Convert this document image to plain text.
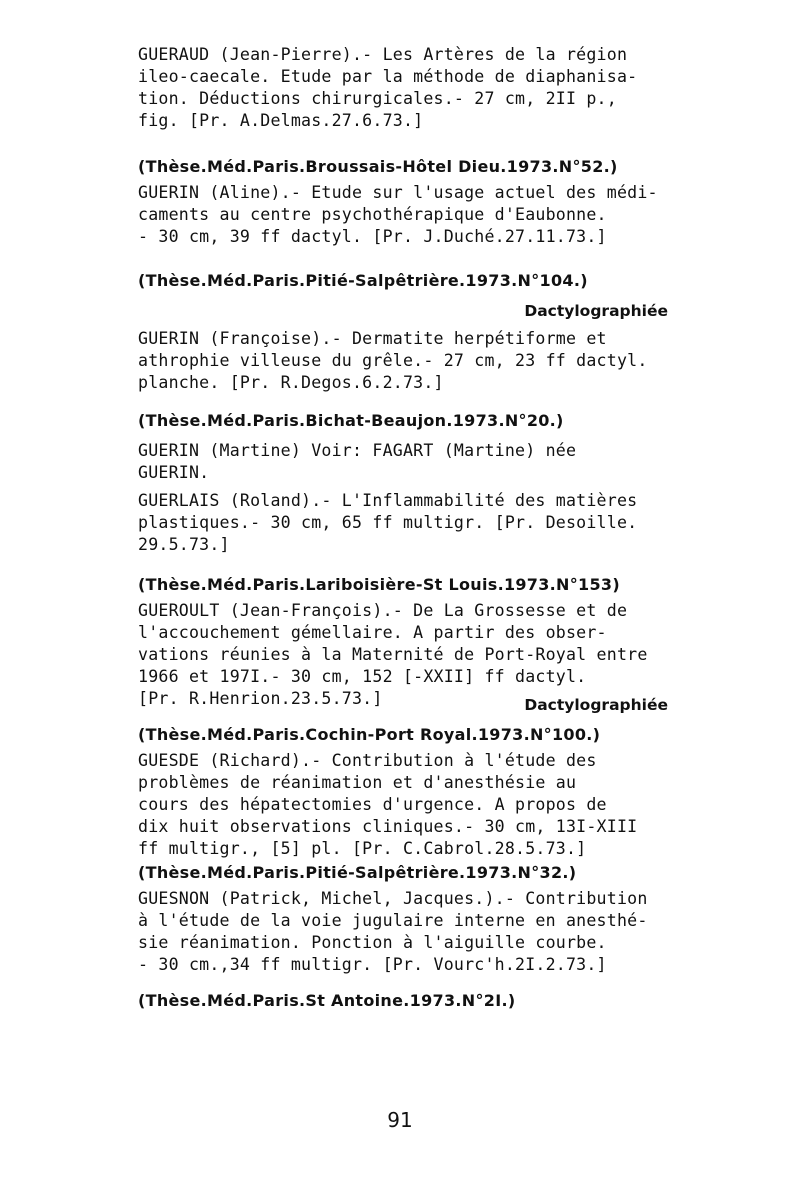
GUERAUD (Jean-Pierre).- Les Artères de la région
ileo-caecale. Etude par la méthode de diaphanisa-
tion. Déductions chirurgicales.- 27 cm, 2II p.,
fig. [Pr. A.Delmas.27.6.73.]

(Thèse.Méd.Paris.Broussais-Hôtel Dieu.1973.N°52.)

GUERIN (Aline).- Etude sur l'usage actuel des médi-
caments au centre psychothérapique d'Eaubonne.
- 30 cm, 39 ff dactyl. [Pr. J.Duché.27.11.73.]

(Thèse.Méd.Paris.Pitié-Salpêtrière.1973.N°104.)

Dactylographiée

GUERIN (Françoise).- Dermatite herpétiforme et
athrophie villeuse du grêle.- 27 cm, 23 ff dactyl.
planche. [Pr. R.Degos.6.2.73.]

(Thèse.Méd.Paris.Bichat-Beaujon.1973.N°20.)

GUERIN (Martine) Voir: FAGART (Martine) née
GUERIN.

GUERLAIS (Roland).- L'Inflammabilité des matières
plastiques.- 30 cm, 65 ff multigr. [Pr. Desoille.
29.5.73.]

(Thèse.Méd.Paris.Lariboisière-St Louis.1973.N°153)

GUEROULT (Jean-François).- De La Grossesse et de
l'accouchement gémellaire. A partir des obser-
vations réunies à la Maternité de Port-Royal entre
1966 et 197I.- 30 cm, 152 [-XXII] ff dactyl.
[Pr. R.Henrion.23.5.73.]	Dactylographiée

(Thèse.Méd.Paris.Cochin-Port Royal.1973.N°100.)

GUESDE (Richard).- Contribution à l'étude des
problèmes de réanimation et d'anesthésie au
cours des hépatectomies d'urgence. A propos de
dix huit observations cliniques.- 30 cm, 13I-XIII
ff multigr., [5] pl. [Pr. C.Cabrol.28.5.73.]

(Thèse.Méd.Paris.Pitié-Salpêtrière.1973.N°32.)

GUESNON (Patrick, Michel, Jacques.).- Contribution
à l'étude de la voie jugulaire interne en anesthé-
sie réanimation. Ponction à l'aiguille courbe.
- 30 cm.,34 ff multigr. [Pr. Vourc'h.2I.2.73.]

(Thèse.Méd.Paris.St Antoine.1973.N°2I.)

91
